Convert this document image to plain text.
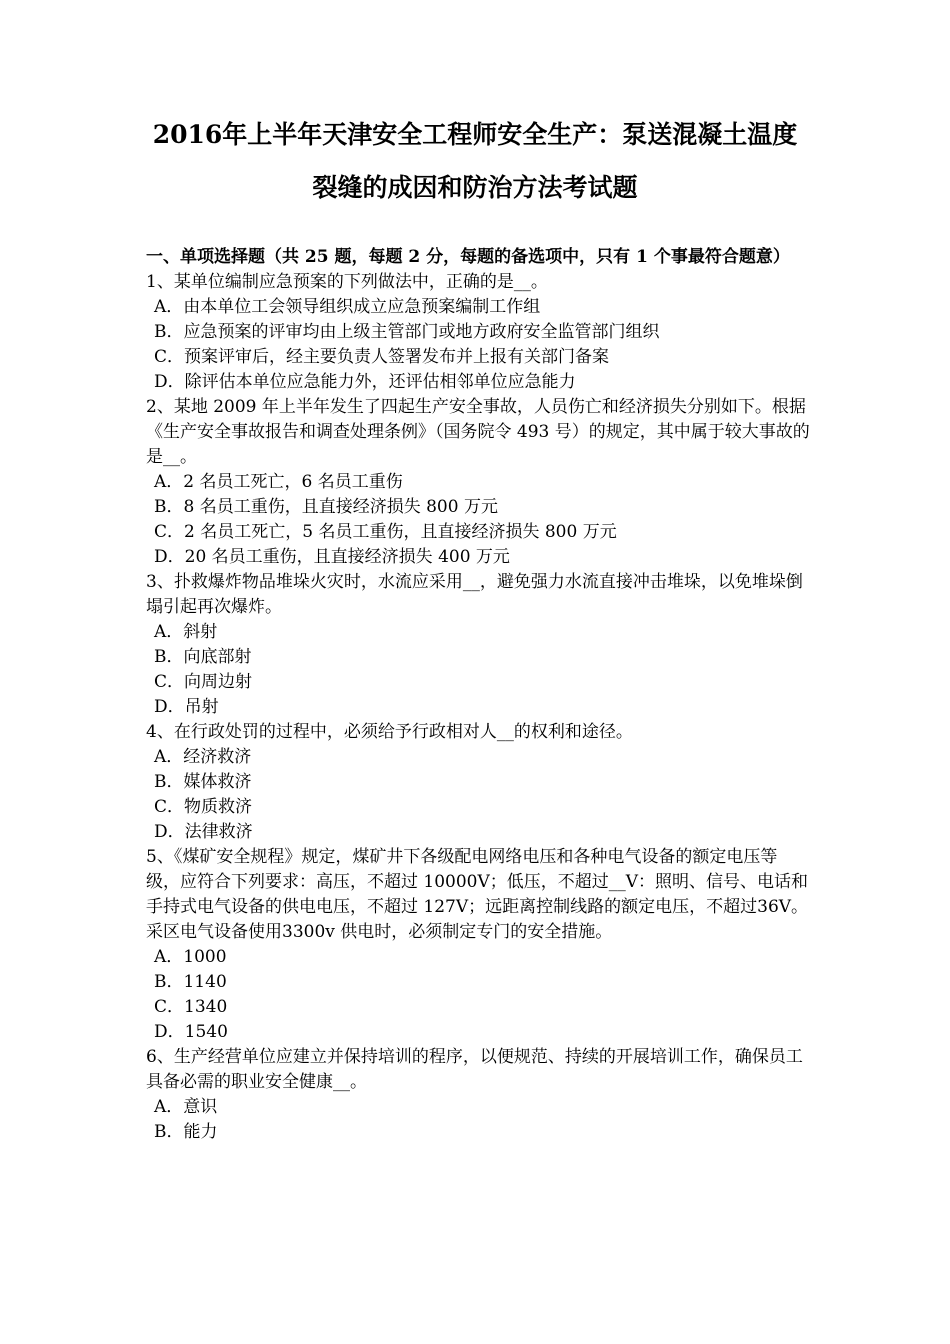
2016年上半年天津安全工程师安全生产：泵送混凝土温度
裂缝的成因和防治方法考试题

一、单项选择题（共 25 题，每题 2 分，每题的备选项中，只有 1 个事最符合题意）

1、某单位编制应急预案的下列做法中，正确的是__。

A．由本单位工会领导组织成立应急预案编制工作组

B．应急预案的评审均由上级主管部门或地方政府安全监管部门组织

C．预案评审后，经主要负责人签署发布并上报有关部门备案

D．除评估本单位应急能力外，还评估相邻单位应急能力

2、某地 2009 年上半年发生了四起生产安全事故，人员伤亡和经济损失分别如下。根据《生产安全事故报告和调查处理条例》（国务院令 493 号）的规定，其中属于较大事故的是__。

A．2 名员工死亡，6 名员工重伤

B．8 名员工重伤，且直接经济损失 800 万元

C．2 名员工死亡，5 名员工重伤，且直接经济损失 800 万元

D．20 名员工重伤，且直接经济损失 400 万元

3、扑救爆炸物品堆垛火灾时，水流应采用__，避免强力水流直接冲击堆垛，以免堆垛倒塌引起再次爆炸。

A．斜射

B．向底部射

C．向周边射

D．吊射

4、在行政处罚的过程中，必须给予行政相对人__的权利和途径。

A．经济救济

B．媒体救济

C．物质救济

D．法律救济

5、《煤矿安全规程》规定，煤矿井下各级配电网络电压和各种电气设备的额定电压等级，应符合下列要求：高压，不超过 10000V；低压，不超过__V：照明、信号、电话和手持式电气设备的供电电压，不超过 127V；远距离控制线路的额定电压，不超过36V。采区电气设备使用3300v 供电时，必须制定专门的安全措施。

A．1000

B．1140

C．1340

D．1540

6、生产经营单位应建立并保持培训的程序，以便规范、持续的开展培训工作，确保员工具备必需的职业安全健康__。

A．意识

B．能力
